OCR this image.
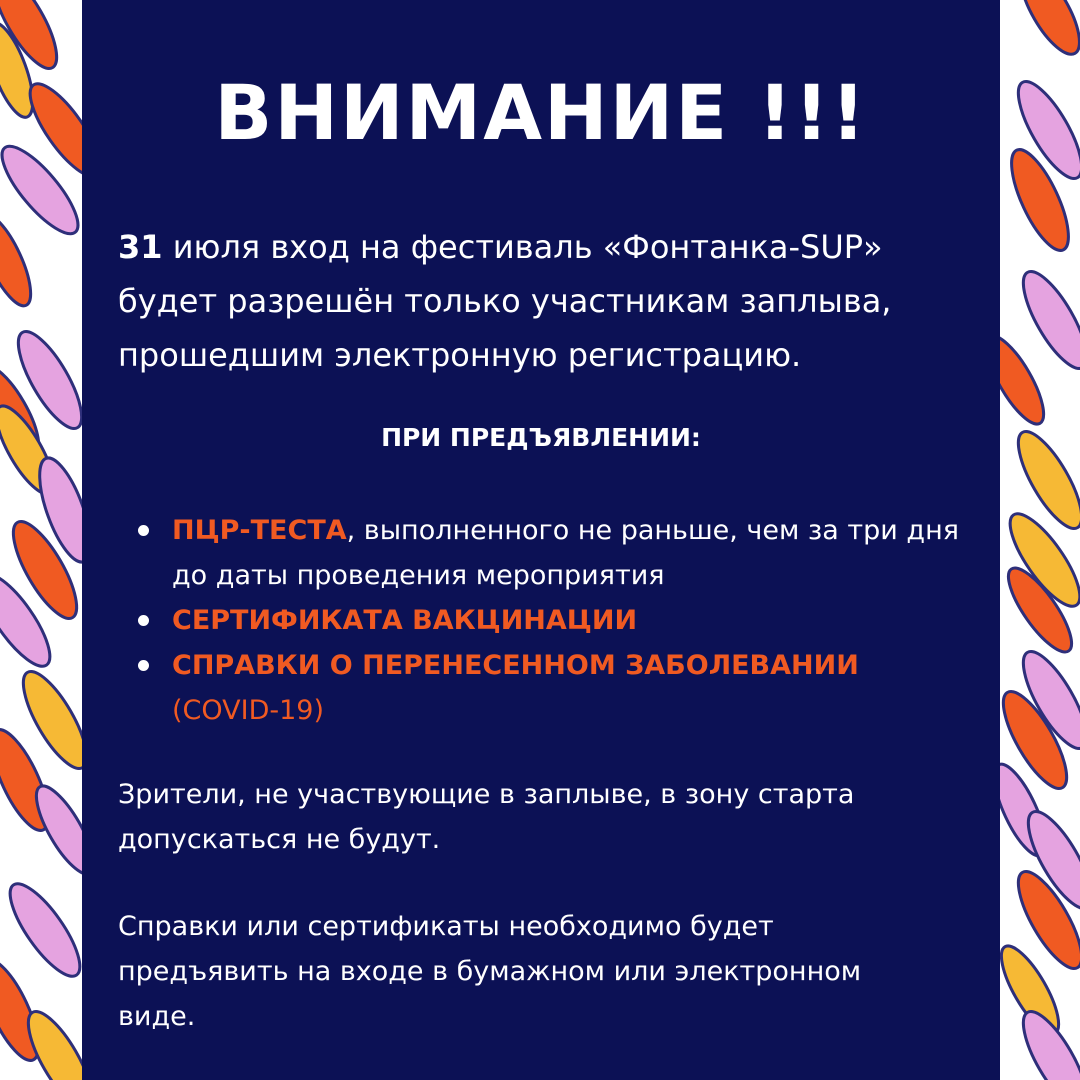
ВНИМАНИЕ !!!
31 июля вход на фестиваль «Фонтанка-SUP»
будет разрешён только участникам заплыва,
прошедшим электронную регистрацию.
ПРИ ПРЕДЪЯВЛЕНИИ:
ПЦР-ТЕСТА, выполненного не раньше, чем за три дня до даты проведения мероприятия
СЕРТИФИКАТА ВАКЦИНАЦИИ
СПРАВКИ О ПЕРЕНЕСЕННОМ ЗАБОЛЕВАНИИ
(COVID-19)
Зрители, не участвующие в заплыве, в зону старта
допускаться не будут.
Справки или сертификаты необходимо будет
предъявить на входе в бумажном или электронном
виде.
